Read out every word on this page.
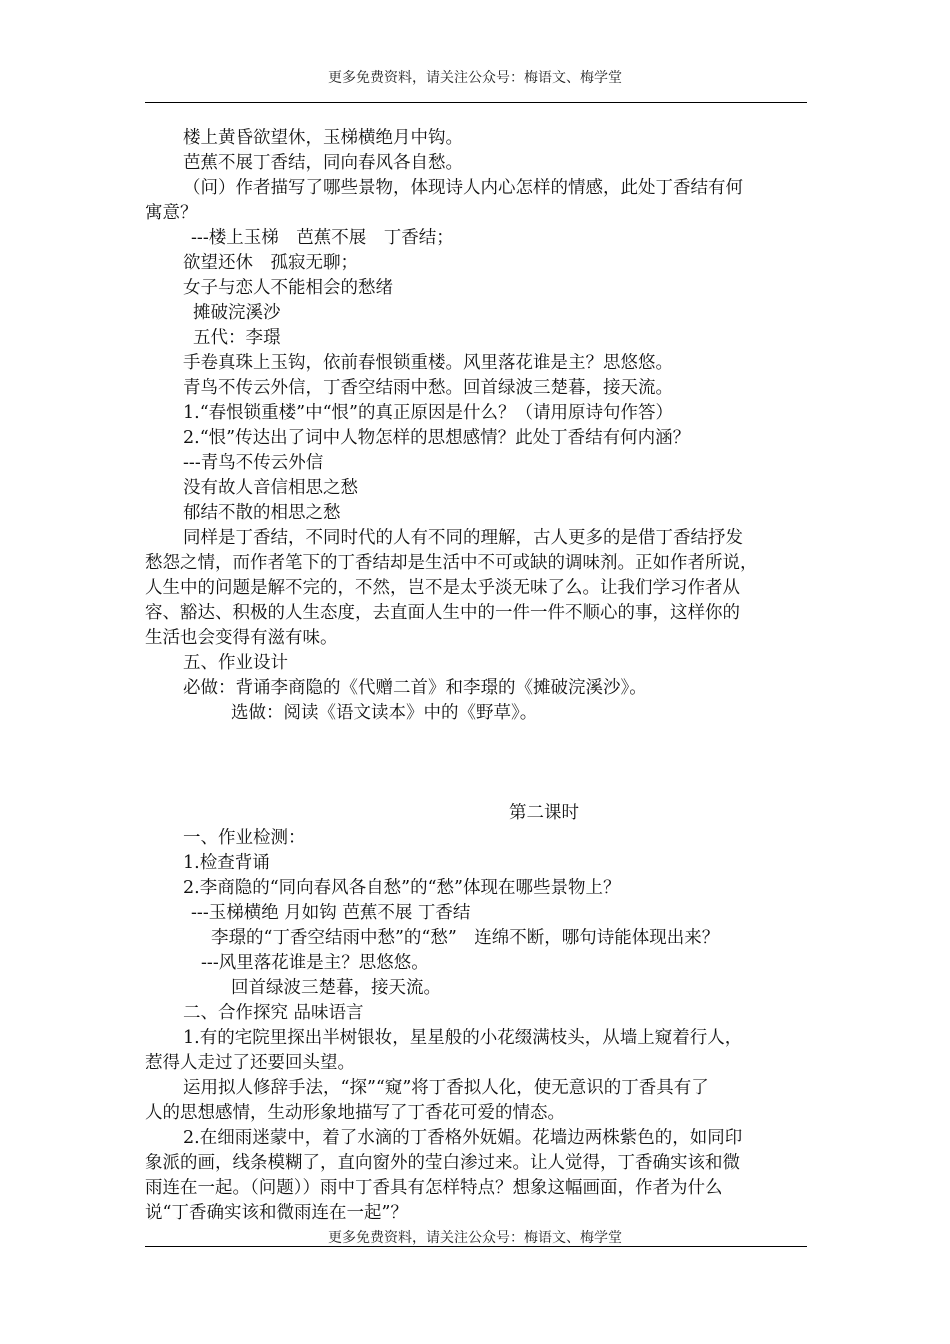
更多免费资料，请关注公众号：梅语文、梅学堂
楼上黄昏欲望休，玉梯横绝月中钩。
芭蕉不展丁香结，同向春风各自愁。
（问）作者描写了哪些景物，体现诗人内心怎样的情感，此处丁香结有何
寓意？
---楼上玉梯　芭蕉不展　丁香结；
欲望还休　孤寂无聊；
女子与恋人不能相会的愁绪
摊破浣溪沙
五代：李璟
手卷真珠上玉钩，依前春恨锁重楼。风里落花谁是主？思悠悠。
青鸟不传云外信，丁香空结雨中愁。回首绿波三楚暮，接天流。
1.“春恨锁重楼”中“恨”的真正原因是什么？（请用原诗句作答）
2.“恨”传达出了词中人物怎样的思想感情？此处丁香结有何内涵？
---青鸟不传云外信
没有故人音信相思之愁
郁结不散的相思之愁
同样是丁香结，不同时代的人有不同的理解，古人更多的是借丁香结抒发
愁怨之情，而作者笔下的丁香结却是生活中不可或缺的调味剂。正如作者所说，
人生中的问题是解不完的，不然，岂不是太乎淡无味了么。让我们学习作者从
容、豁达、积极的人生态度，去直面人生中的一件一件不顺心的事，这样你的
生活也会变得有滋有味。
五、作业设计
必做：背诵李商隐的《代赠二首》和李璟的《摊破浣溪沙》。
选做：阅读《语文读本》中的《野草》。
第二课时
一、作业检测：
1.检查背诵
2.李商隐的“同向春风各自愁”的“愁”体现在哪些景物上？
---玉梯横绝 月如钩 芭蕉不展 丁香结
李璟的“丁香空结雨中愁”的“愁”　连绵不断，哪句诗能体现出来？
---风里落花谁是主？思悠悠。
回首绿波三楚暮，接天流。
二、合作探究 品味语言
1.有的宅院里探出半树银妆，星星般的小花缀满枝头，从墙上窥着行人，
惹得人走过了还要回头望。
运用拟人修辞手法，“探”“窥”将丁香拟人化，使无意识的丁香具有了
人的思想感情，生动形象地描写了丁香花可爱的情态。
2.在细雨迷蒙中，着了水滴的丁香格外妩媚。花墙边两株紫色的，如同印
象派的画，线条模糊了，直向窗外的莹白渗过来。让人觉得，丁香确实该和微
雨连在一起。（问题））雨中丁香具有怎样特点？想象这幅画面，作者为什么
说“丁香确实该和微雨连在一起”？
更多免费资料，请关注公众号：梅语文、梅学堂
